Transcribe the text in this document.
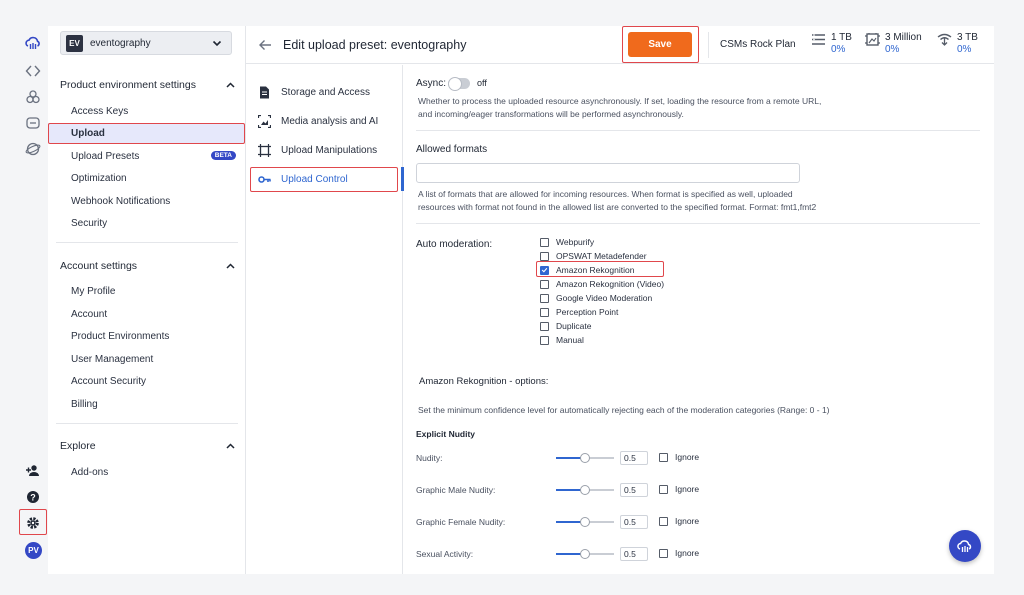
?
PV
EV	eventography
Product environment settings
Access Keys
Upload
Upload Presets	BETA
Optimization
Webhook Notifications
Security
Account settings
My Profile
Account
Product Environments
User Management
Account Security
Billing
Explore
Add-ons
Edit upload preset: eventography	Save	CSMs Rock Plan
1 TB
0%
3 Million
0%
3 TB
0%
Storage and Access
Media analysis and AI
Upload Manipulations
Upload Control
Async:	off
Whether to process the uploaded resource asynchronously. If set, loading the resource from a remote URL,
and incoming/eager transformations will be performed asynchronously.
Allowed formats
A list of formats that are allowed for incoming resources. When format is specified as well, uploaded
resources with format not found in the allowed list are converted to the specified format. Format: fmt1,fmt2
Auto moderation:	Webpurify
OPSWAT Metadefender
Amazon Rekognition
Amazon Rekognition (Video)
Google Video Moderation
Perception Point
Duplicate
Manual
Amazon Rekognition - options:
Set the minimum confidence level for automatically rejecting each of the moderation categories (Range: 0 - 1)
Explicit Nudity
Nudity:	0.5	Ignore
Graphic Male Nudity:	0.5	Ignore
Graphic Female Nudity:	0.5	Ignore
Sexual Activity:	0.5	Ignore
